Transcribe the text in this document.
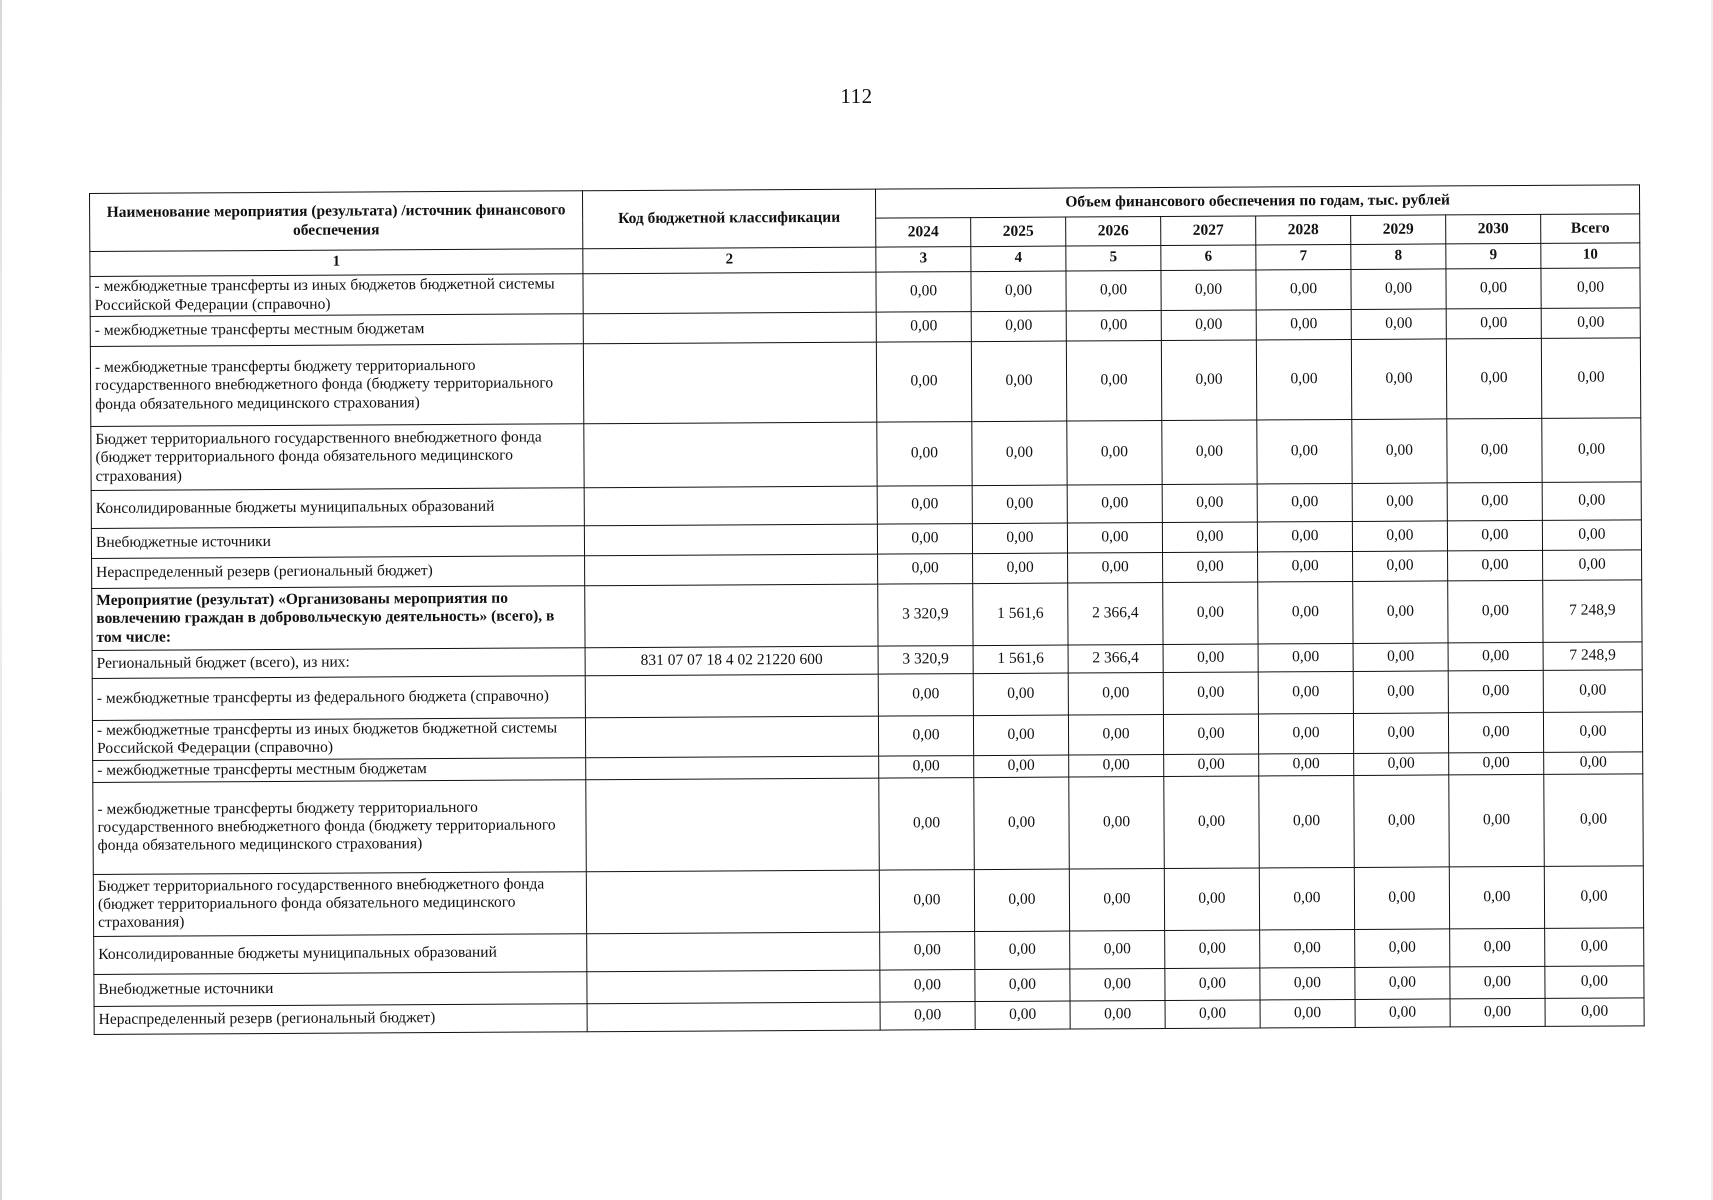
112
Наименование мероприятия (результата) /источник финансового обеспечения	Код бюджетной классификации	Объем финансового обеспечения по годам, тыс. рублей							
		2024	2025	2026	2027	2028	2029	2030	Всего
1	2	3	4	5	6	7	8	9	10
- межбюджетные трансферты из иных бюджетов бюджетной системы Российской Федерации (справочно)		0,00	0,00	0,00	0,00	0,00	0,00	0,00	0,00
- межбюджетные трансферты местным бюджетам		0,00	0,00	0,00	0,00	0,00	0,00	0,00	0,00
- межбюджетные трансферты бюджету территориального государственного внебюджетного фонда (бюджету территориального фонда обязательного медицинского страхования)		0,00	0,00	0,00	0,00	0,00	0,00	0,00	0,00
Бюджет территориального государственного внебюджетного фонда (бюджет территориального фонда обязательного медицинского страхования)		0,00	0,00	0,00	0,00	0,00	0,00	0,00	0,00
Консолидированные бюджеты муниципальных образований		0,00	0,00	0,00	0,00	0,00	0,00	0,00	0,00
Внебюджетные источники		0,00	0,00	0,00	0,00	0,00	0,00	0,00	0,00
Нераспределенный резерв (региональный бюджет)		0,00	0,00	0,00	0,00	0,00	0,00	0,00	0,00
Мероприятие (результат) «Организованы мероприятия по вовлечению граждан в добровольческую деятельность» (всего), в том числе:		3 320,9	1 561,6	2 366,4	0,00	0,00	0,00	0,00	7 248,9
Региональный бюджет (всего), из них:	831 07 07 18 4 02 21220 600	3 320,9	1 561,6	2 366,4	0,00	0,00	0,00	0,00	7 248,9
- межбюджетные трансферты из федерального бюджета (справочно)		0,00	0,00	0,00	0,00	0,00	0,00	0,00	0,00
- межбюджетные трансферты из иных бюджетов бюджетной системы Российской Федерации (справочно)		0,00	0,00	0,00	0,00	0,00	0,00	0,00	0,00
- межбюджетные трансферты местным бюджетам		0,00	0,00	0,00	0,00	0,00	0,00	0,00	0,00
- межбюджетные трансферты бюджету территориального государственного внебюджетного фонда (бюджету территориального фонда обязательного медицинского страхования)		0,00	0,00	0,00	0,00	0,00	0,00	0,00	0,00
Бюджет территориального государственного внебюджетного фонда (бюджет территориального фонда обязательного медицинского страхования)		0,00	0,00	0,00	0,00	0,00	0,00	0,00	0,00
Консолидированные бюджеты муниципальных образований		0,00	0,00	0,00	0,00	0,00	0,00	0,00	0,00
Внебюджетные источники		0,00	0,00	0,00	0,00	0,00	0,00	0,00	0,00
Нераспределенный резерв (региональный бюджет)		0,00	0,00	0,00	0,00	0,00	0,00	0,00	0,00
